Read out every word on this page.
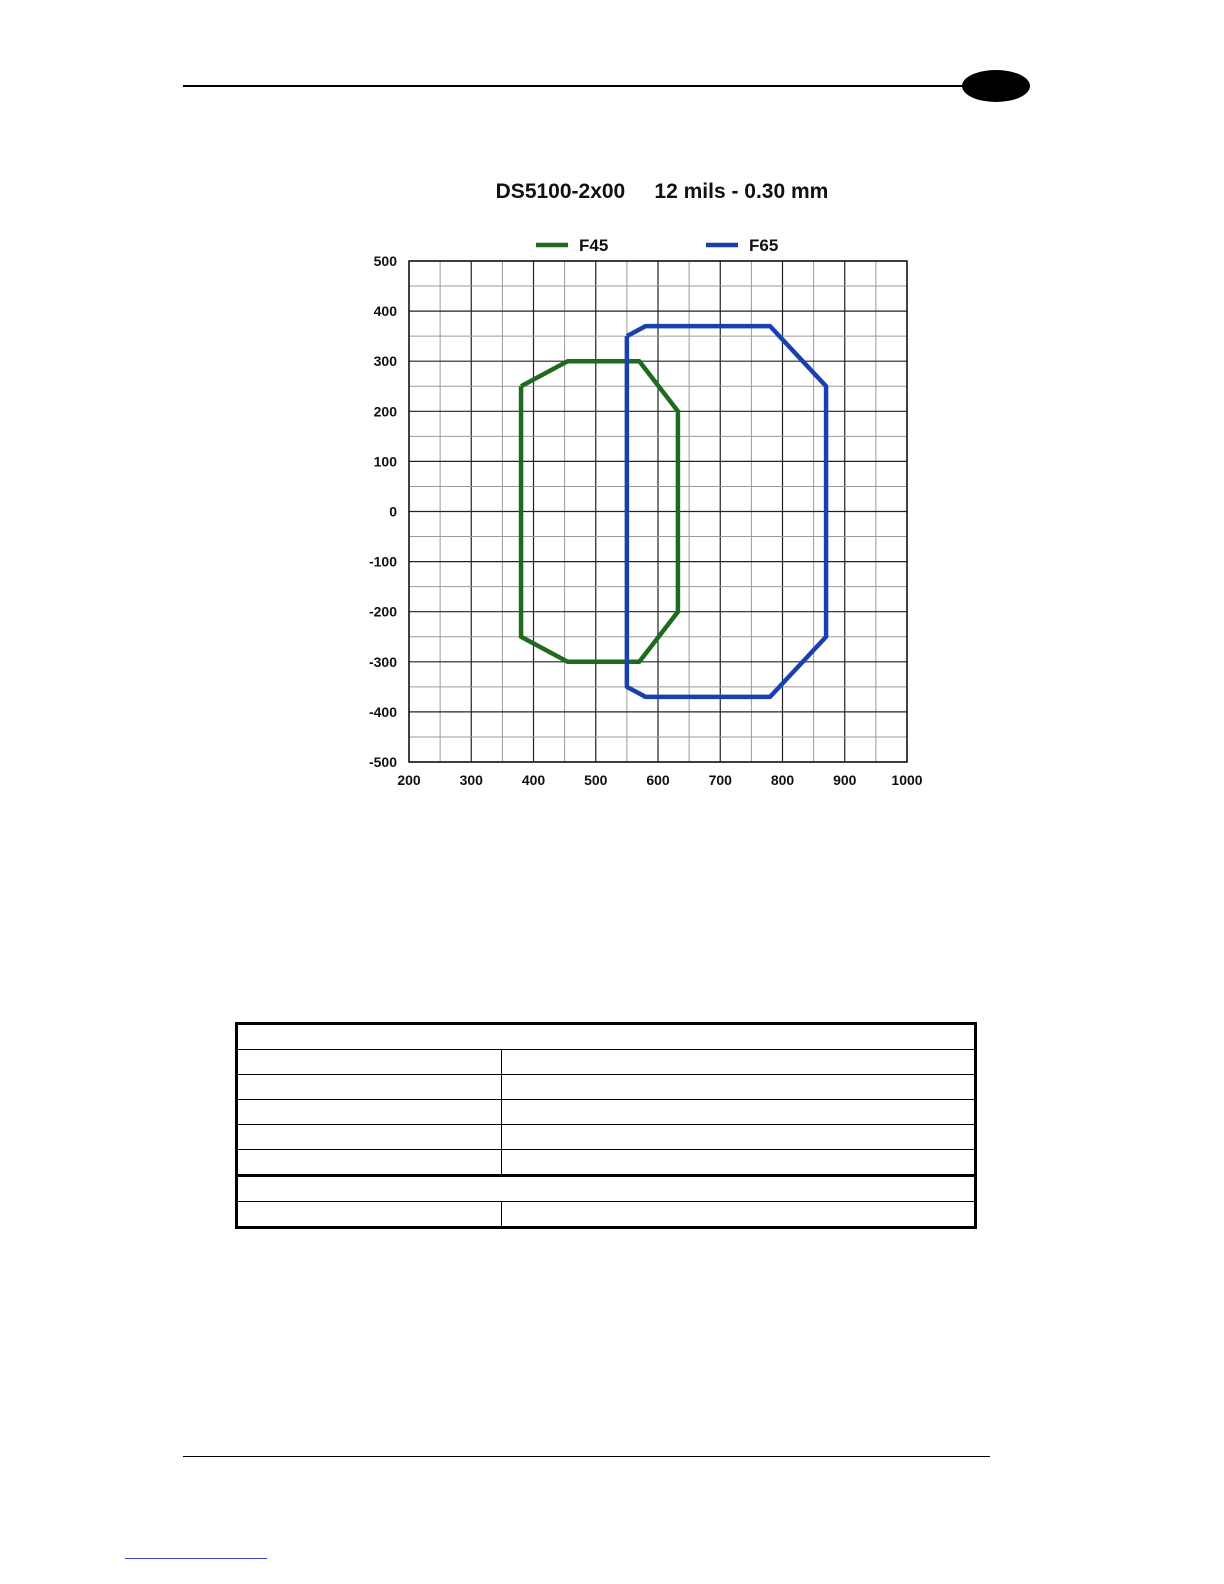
DS5100-2x00     12 mils - 0.30 mm
F45	F65
500
400
300
200
100
0
-100
-200
-300
-400
-500
200	300	400	500	600	700	800	900 1000
